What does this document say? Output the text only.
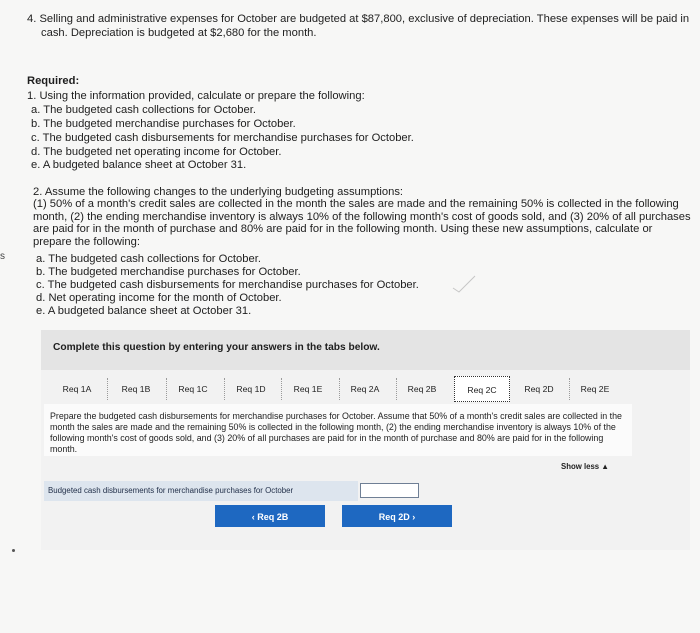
4. Selling and administrative expenses for October are budgeted at $87,800, exclusive of depreciation. These expenses will be paid in
cash. Depreciation is budgeted at $2,680 for the month.
Required:
1. Using the information provided, calculate or prepare the following:
a. The budgeted cash collections for October.
b. The budgeted merchandise purchases for October.
c. The budgeted cash disbursements for merchandise purchases for October.
d. The budgeted net operating income for October.
e. A budgeted balance sheet at October 31.
s
2. Assume the following changes to the underlying budgeting assumptions:
(1) 50% of a month's credit sales are collected in the month the sales are made and the remaining 50% is collected in the following month, (2) the ending merchandise inventory is always 10% of the following month's cost of goods sold, and (3) 20% of all purchases are paid for in the month of purchase and 80% are paid for in the following month. Using these new assumptions, calculate or prepare the following:
a. The budgeted cash collections for October.
b. The budgeted merchandise purchases for October.
c. The budgeted cash disbursements for merchandise purchases for October.
d. Net operating income for the month of October.
e. A budgeted balance sheet at October 31.
Complete this question by entering your answers in the tabs below.
Req 1A	Req 1B	Req 1C	Req 1D	Req 1E	Req 2A	Req 2B	Req 2C	Req 2D	Req 2E
Prepare the budgeted cash disbursements for merchandise purchases for October. Assume that 50% of a month's credit sales are collected in the month the sales are made and the remaining 50% is collected in the following month, (2) the ending merchandise inventory is always 10% of the following month's cost of goods sold, and (3) 20% of all purchases are paid for in the month of purchase and 80% are paid for in the following month.
Show less ▲
Budgeted cash disbursements for merchandise purchases for October
‹ Req 2B	Req 2D ›
